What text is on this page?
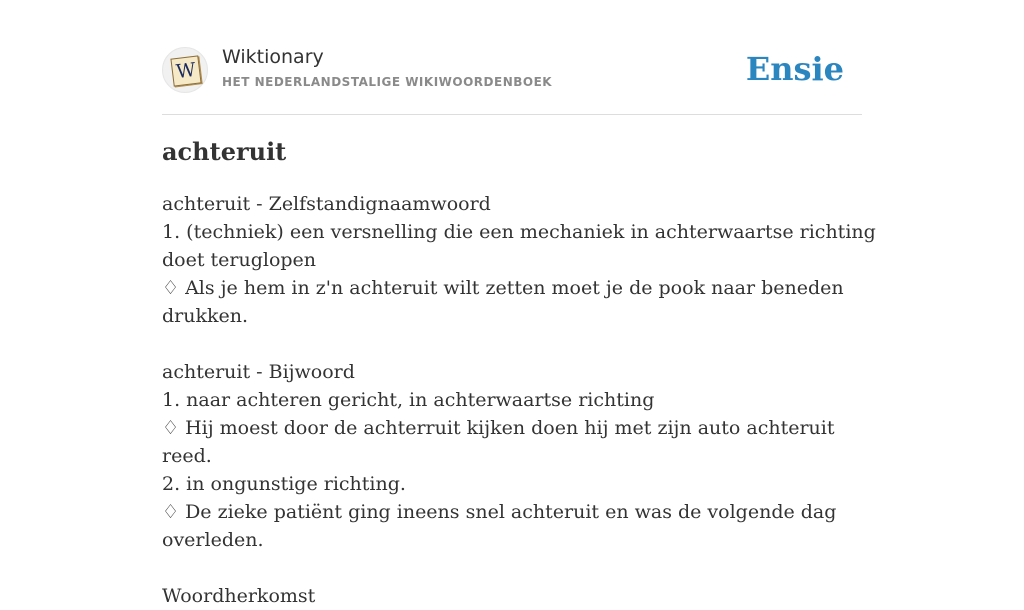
W
Wiktionary
HET NEDERLANDSTALIGE WIKIWOORDENBOEK	Ensie
achteruit
achteruit - Zelfstandignaamwoord
1. (techniek) een versnelling die een mechaniek in achterwaartse richting doet teruglopen
♢ Als je hem in z'n achteruit wilt zetten moet je de pook naar beneden drukken.
achteruit - Bijwoord
1. naar achteren gericht, in achterwaartse richting
♢ Hij moest door de achterruit kijken doen hij met zijn auto achteruit reed.
2. in ongunstige richting.
♢ De zieke patiënt ging ineens snel achteruit en was de volgende dag overleden.
Woordherkomst
